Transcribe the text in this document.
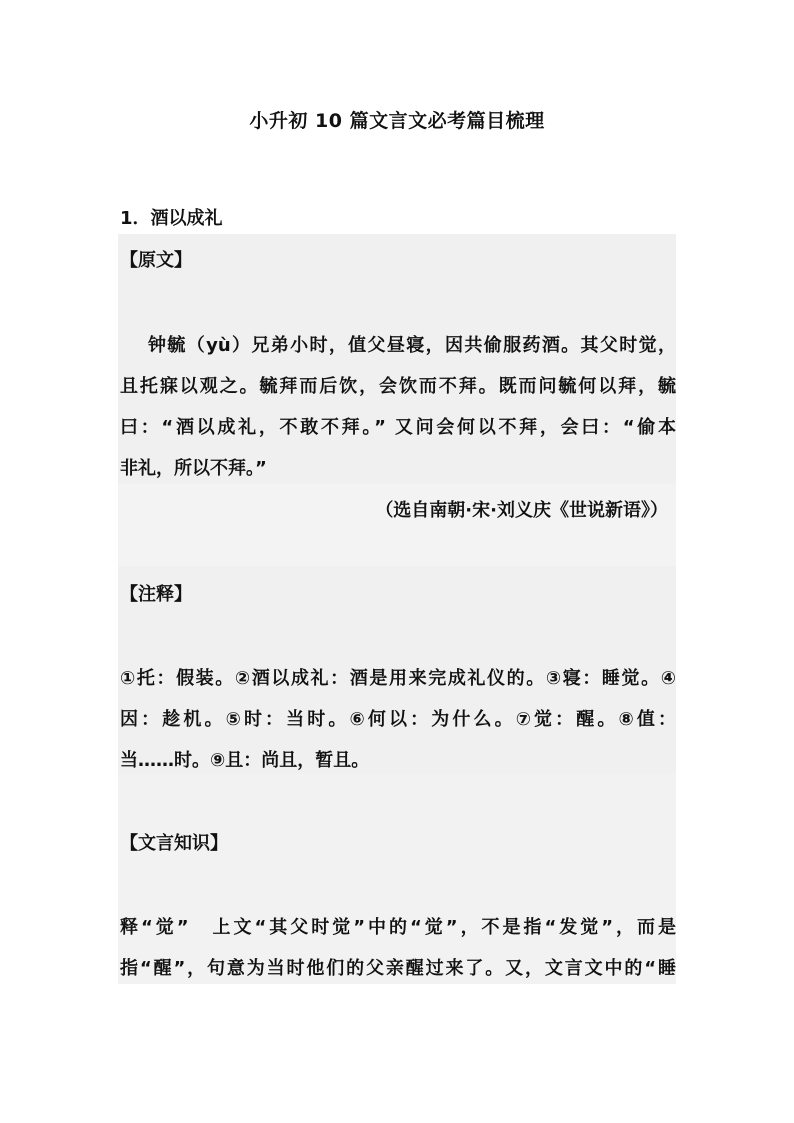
小升初 10 篇文言文必考篇目梳理
1．酒以成礼
【原文】
钟毓（yù）兄弟小时，值父昼寝，因共偷服药酒。其父时觉，
且托寐以观之。毓拜而后饮，会饮而不拜。既而问毓何以拜，毓
曰：“酒以成礼，不敢不拜。” 又问会何以不拜，会曰：“偷本
非礼，所以不拜。”
（选自南朝·宋·刘义庆《世说新语》）
【注释】
①托：假装。②酒以成礼：酒是用来完成礼仪的。③寝：睡觉。④
因：趁机。⑤时：当时。⑥何以：为什么。⑦觉：醒。⑧值：
当……时。⑨且：尚且，暂且。
【文言知识】
释“觉”　上文“其父时觉”中的“觉”，不是指“发觉”，而是
指“醒”，句意为当时他们的父亲醒过来了。又，文言文中的“睡
